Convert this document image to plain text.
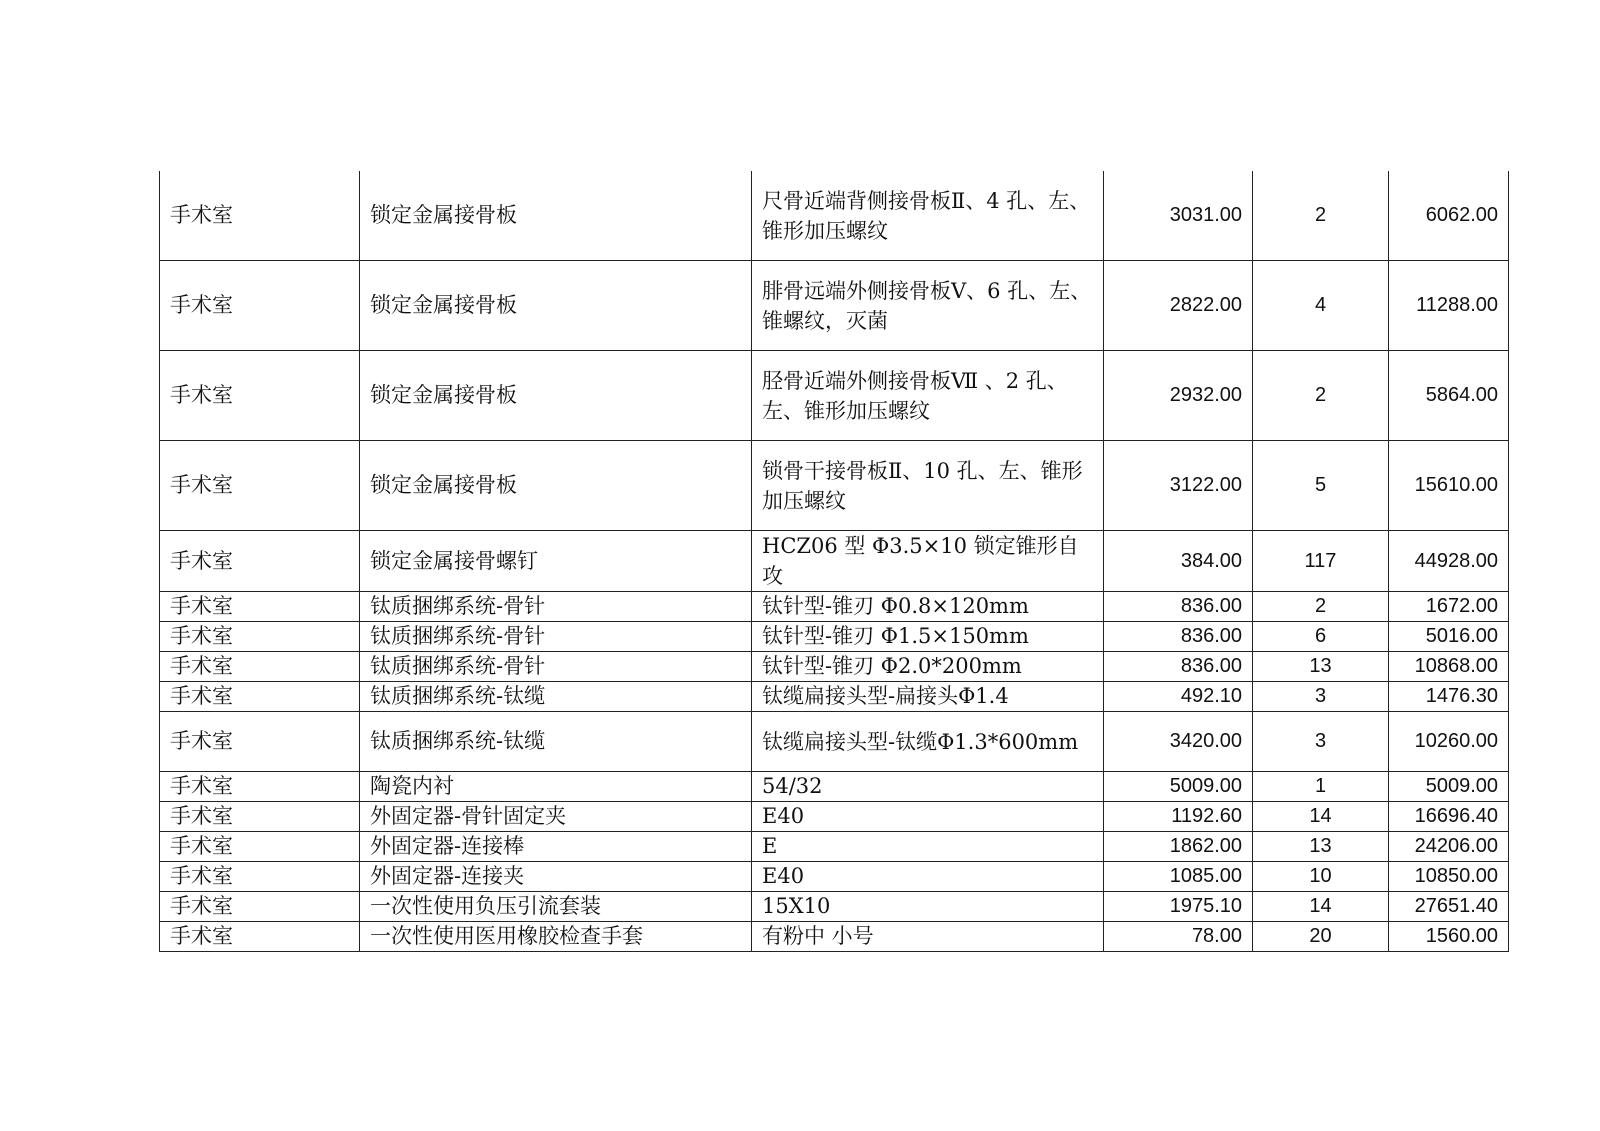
手术室	锁定金属接骨板	尺骨近端背侧接骨板Ⅱ、4 孔、左、锥形加压螺纹	3031.00	2	6062.00
手术室	锁定金属接骨板	腓骨远端外侧接骨板Ⅴ、6 孔、左、锥螺纹，灭菌	2822.00	4	11288.00
手术室	锁定金属接骨板	胫骨近端外侧接骨板Ⅶ 、2 孔、左、锥形加压螺纹	2932.00	2	5864.00
手术室	锁定金属接骨板	锁骨干接骨板Ⅱ、10 孔、左、锥形加压螺纹	3122.00	5	15610.00
手术室	锁定金属接骨螺钉	HCZ06 型 Φ3.5×10 锁定锥形自攻	384.00	117	44928.00
手术室	钛质捆绑系统-骨针	钛针型-锥刃 Φ0.8×120mm	836.00	2	1672.00
手术室	钛质捆绑系统-骨针	钛针型-锥刃 Φ1.5×150mm	836.00	6	5016.00
手术室	钛质捆绑系统-骨针	钛针型-锥刃 Φ2.0*200mm	836.00	13	10868.00
手术室	钛质捆绑系统-钛缆	钛缆扁接头型-扁接头Φ1.4	492.10	3	1476.30
手术室	钛质捆绑系统-钛缆	钛缆扁接头型-钛缆Φ1.3*600mm	3420.00	3	10260.00
手术室	陶瓷内衬	54/32	5009.00	1	5009.00
手术室	外固定器-骨针固定夹	E40	1192.60	14	16696.40
手术室	外固定器-连接棒	E	1862.00	13	24206.00
手术室	外固定器-连接夹	E40	1085.00	10	10850.00
手术室	一次性使用负压引流套装	15X10	1975.10	14	27651.40
手术室	一次性使用医用橡胶检查手套	有粉中 小号	78.00	20	1560.00
